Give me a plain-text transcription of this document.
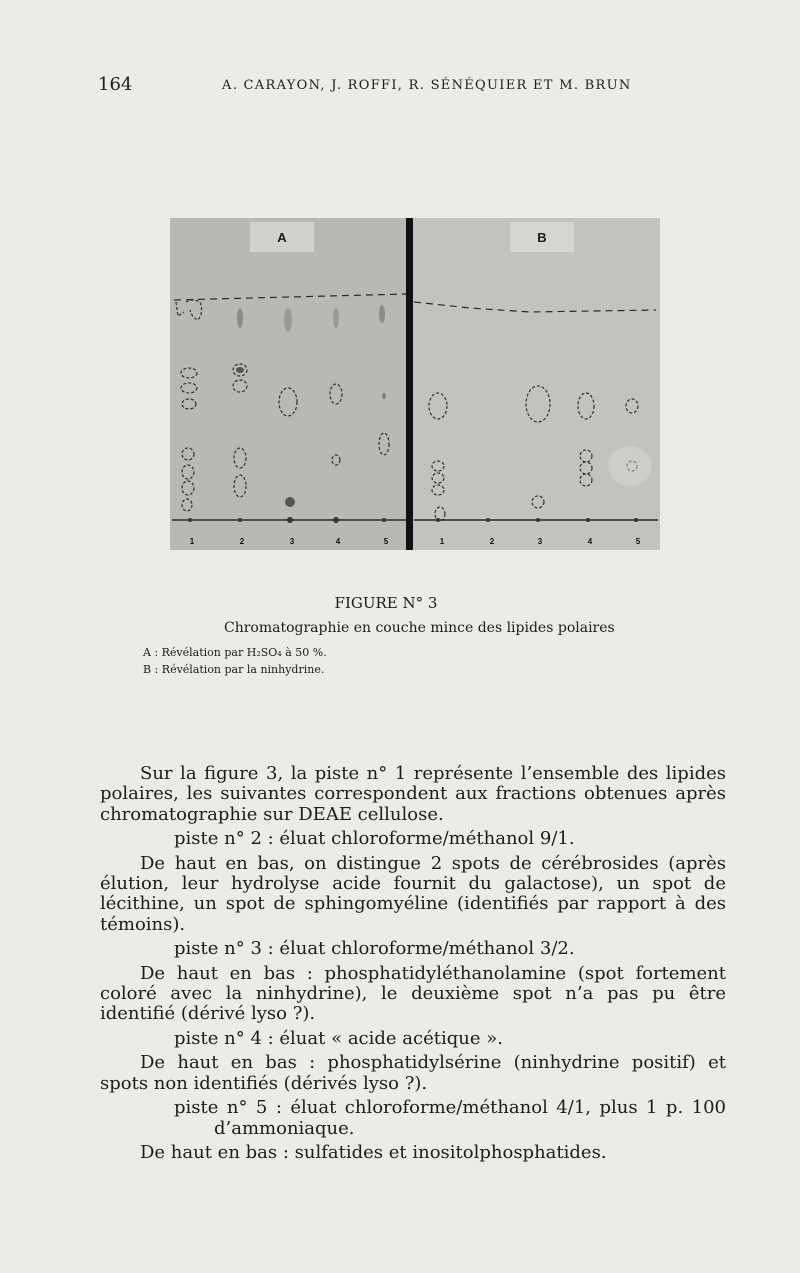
164	A. CARAYON, J. ROFFI, R. SÉNÉQUIER ET M. BRUN
A	B
1	2	3	4	5	1	2	3	4	5
FIGURE N° 3
Chromatographie en couche mince des lipides polaires
A : Révélation par H₂SO₄ à 50 %.
B : Révélation par la ninhydrine.

Sur la figure 3, la piste n° 1 représente l’ensemble des lipides polaires, les suivantes correspondent aux fractions obtenues après chromatographie sur DEAE cellulose.

piste n° 2 : éluat chloroforme/méthanol 9/1.

De haut en bas, on distingue 2 spots de cérébrosides (après élution, leur hydrolyse acide fournit du galactose), un spot de lécithine, un spot de sphingomyéline (identifiés par rapport à des témoins).

piste n° 3 : éluat chloroforme/méthanol 3/2.

De haut en bas : phosphatidyléthanolamine (spot fortement coloré avec la ninhydrine), le deuxième spot n’a pas pu être identifié (dérivé lyso ?).

piste n° 4 : éluat « acide acétique ».

De haut en bas : phosphatidylsérine (ninhydrine positif) et spots non identifiés (dérivés lyso ?).

piste n° 5 : éluat chloroforme/méthanol 4/1, plus 1 p. 100 d’ammoniaque.

De haut en bas : sulfatides et inositolphosphatides.
